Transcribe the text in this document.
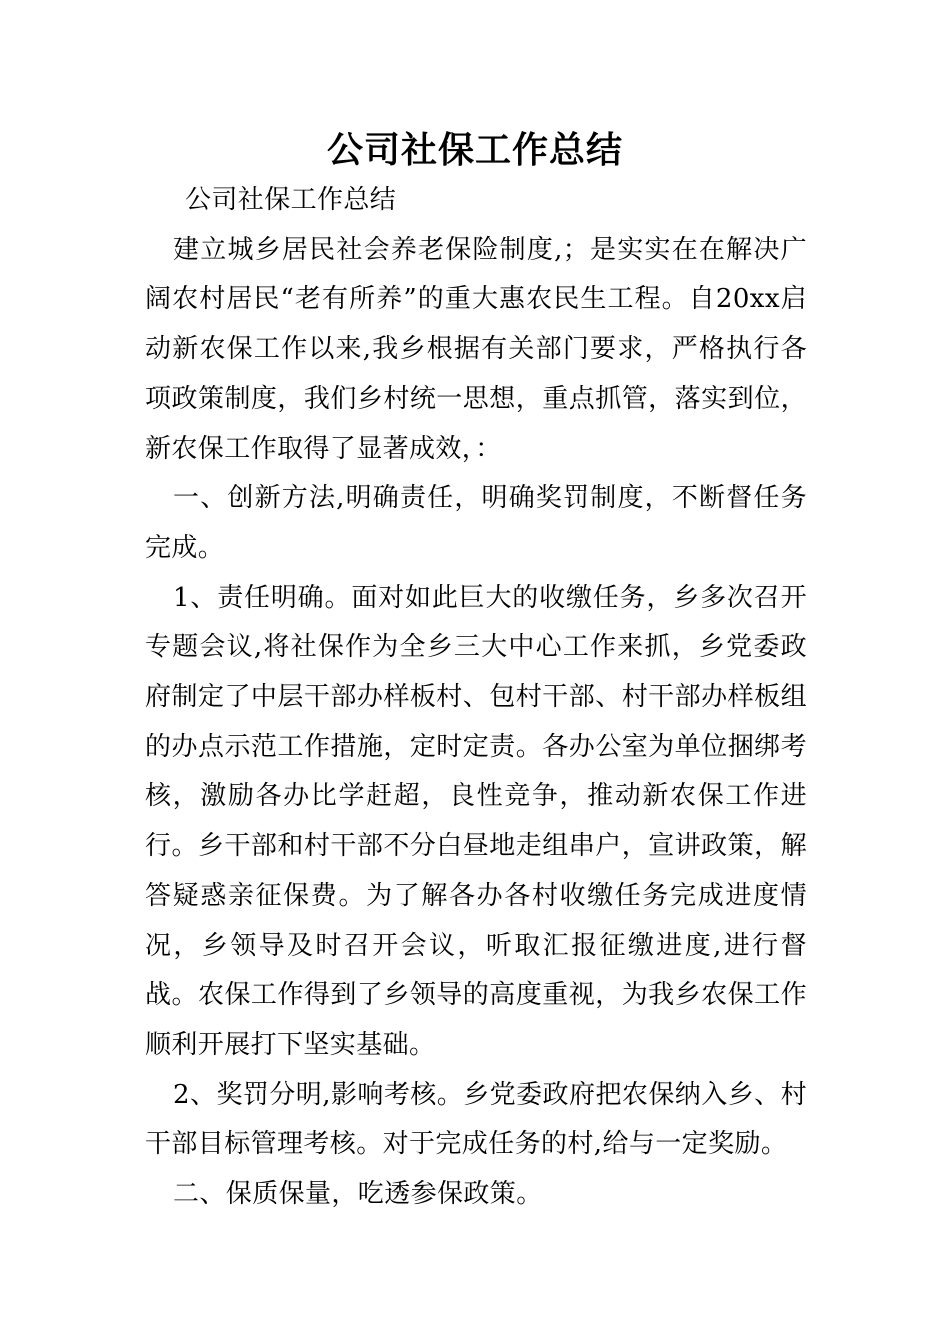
公司社保工作总结

公司社保工作总结

建立城乡居民社会养老保险制度,；是实实在在解决广阔农村居民“老有所养”的重大惠农民生工程。自20xx启动新农保工作以来,我乡根据有关部门要求，严格执行各项政策制度，我们乡村统一思想，重点抓管，落实到位，新农保工作取得了显著成效，：

一、创新方法,明确责任，明确奖罚制度，不断督任务完成。

1、责任明确。面对如此巨大的收缴任务，乡多次召开专题会议,将社保作为全乡三大中心工作来抓，乡党委政府制定了中层干部办样板村、包村干部、村干部办样板组的办点示范工作措施，定时定责。各办公室为单位捆绑考核，激励各办比学赶超，良性竞争，推动新农保工作进行。乡干部和村干部不分白昼地走组串户，宣讲政策，解答疑惑亲征保费。为了解各办各村收缴任务完成进度情况，乡领导及时召开会议，听取汇报征缴进度,进行督战。农保工作得到了乡领导的高度重视，为我乡农保工作顺利开展打下坚实基础。

2、奖罚分明,影响考核。乡党委政府把农保纳入乡、村干部目标管理考核。对于完成任务的村,给与一定奖励。

二、保质保量，吃透参保政策。
